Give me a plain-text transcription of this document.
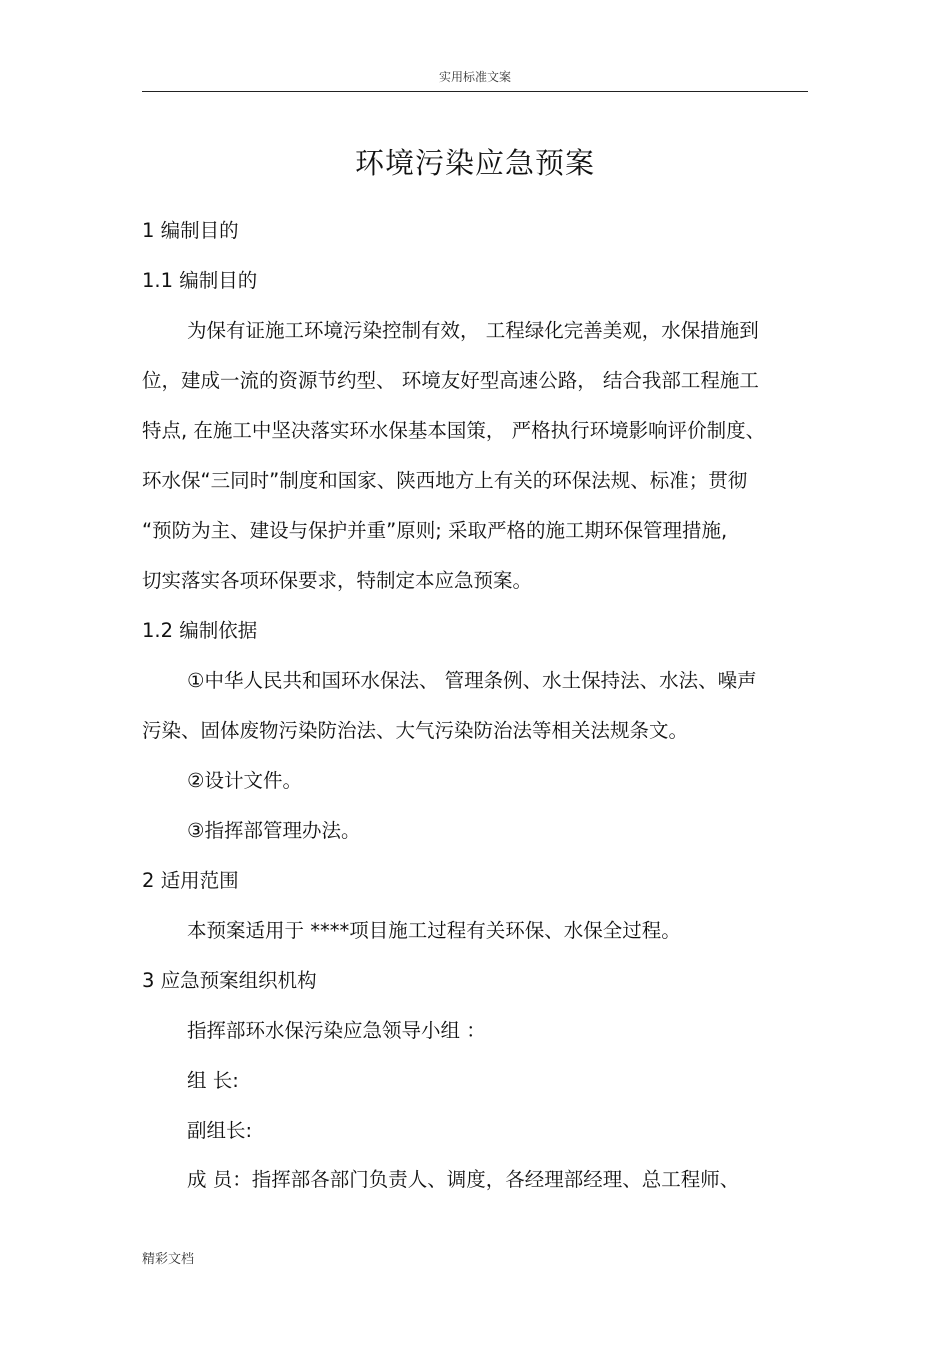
实用标准文案
环境污染应急预案
1 编制目的
1.1 编制目的
为保有证施工环境污染控制有效， 工程绿化完善美观，水保措施到
位，建成一流的资源节约型、 环境友好型高速公路， 结合我部工程施工
特点, 在施工中坚决落实环水保基本国策， 严格执行环境影响评价制度、
环水保“三同时”制度和国家、陕西地方上有关的环保法规、标准；贯彻
“预防为主、建设与保护并重”原则; 采取严格的施工期环保管理措施,
切实落实各项环保要求，特制定本应急预案。
1.2 编制依据
①中华人民共和国环水保法、 管理条例、水土保持法、水法、噪声
污染、固体废物污染防治法、大气污染防治法等相关法规条文。
②设计文件。
③指挥部管理办法。
2 适用范围
本预案适用于 ****项目施工过程有关环保、水保全过程。
3 应急预案组织机构
指挥部环水保污染应急领导小组 ：
组 长:
副组长:
成 员：指挥部各部门负责人、调度，各经理部经理、总工程师、
精彩文档
